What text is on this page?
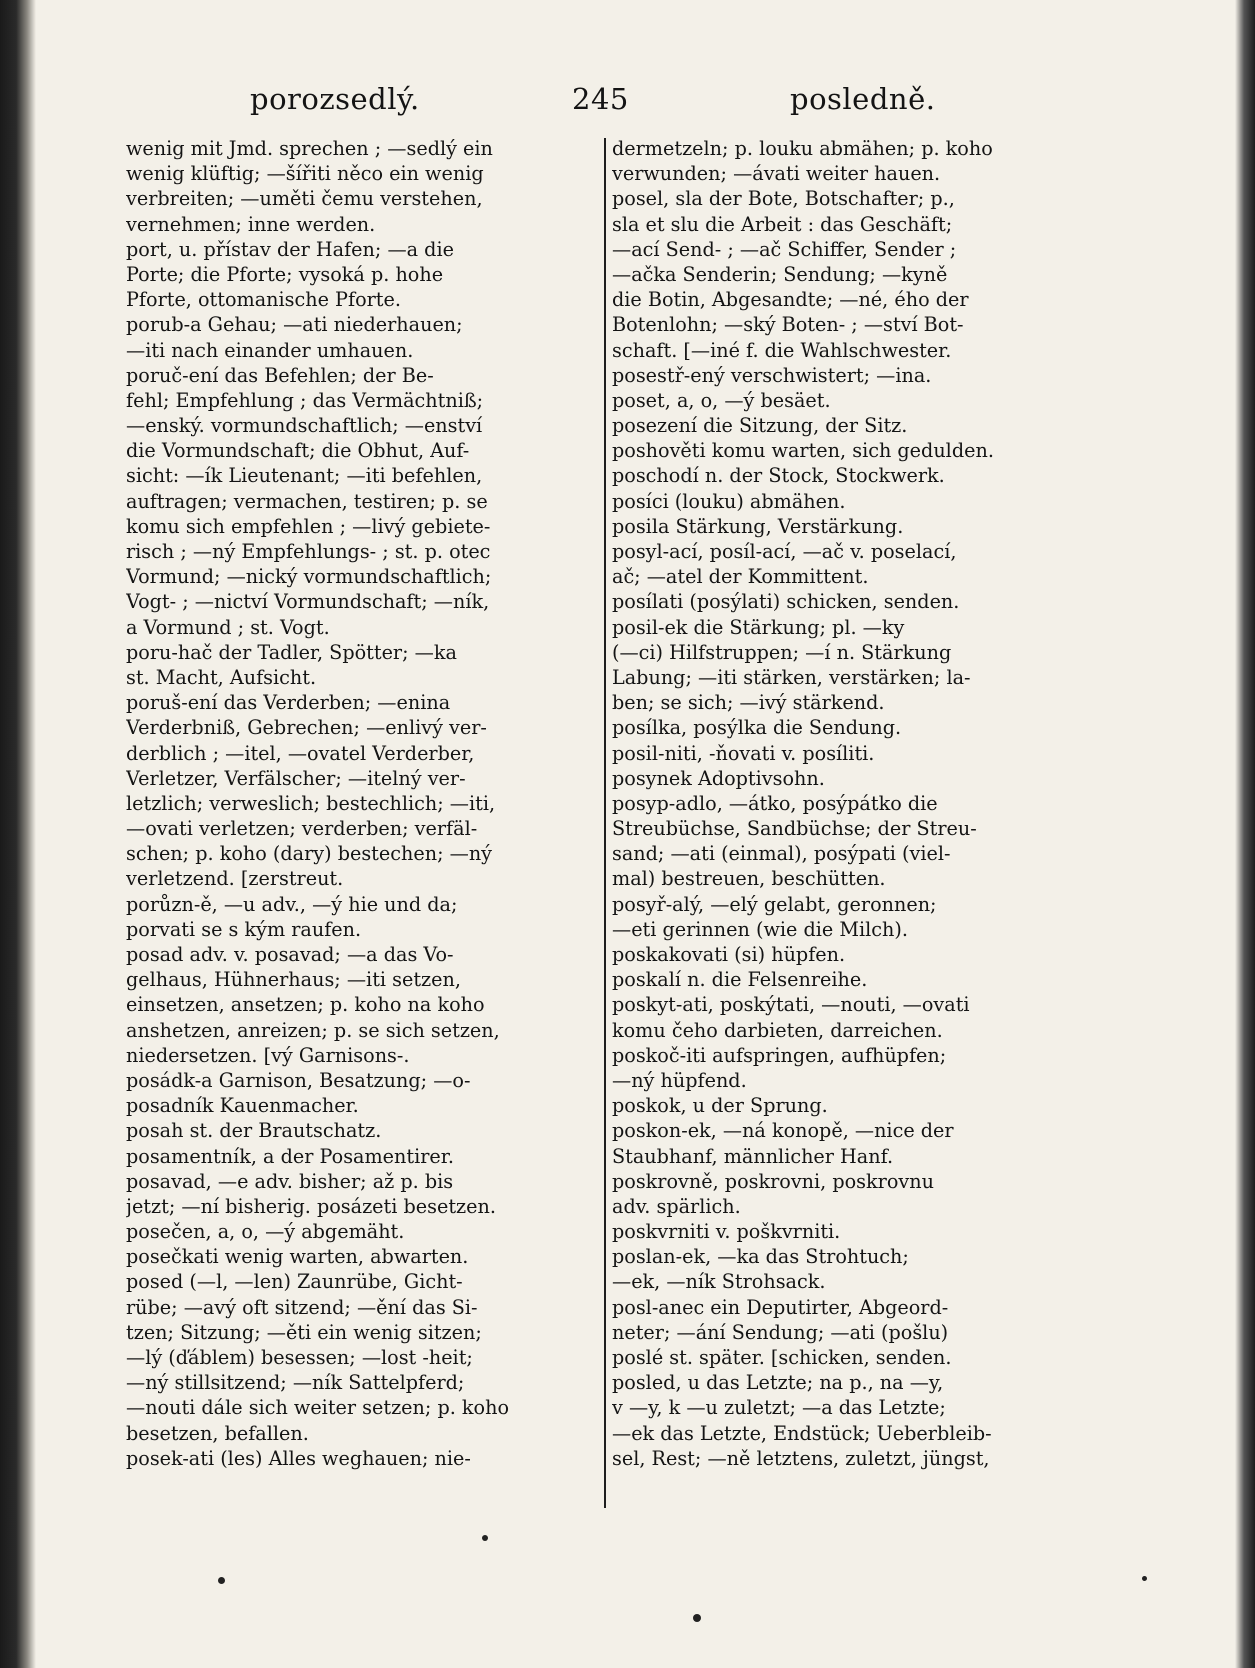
porozsedlý.	245	posledně.
wenig mit Jmd. sprechen ; —sedlý ein
wenig klüftig; —šířiti něco ein wenig
verbreiten; —uměti čemu verstehen,
vernehmen; inne werden.
port, u. přístav der Hafen; —a die
Porte; die Pforte; vysoká p. hohe
Pforte, ottomanische Pforte.
porub-a Gehau; —ati niederhauen;
—iti nach einander umhauen.
poruč-ení das Befehlen; der Be-
fehl; Empfehlung ; das Vermächtniß;
—enský. vormundschaftlich; —enství
die Vormundschaft; die Obhut, Auf-
sicht: —ík Lieutenant; —iti befehlen,
auftragen; vermachen, testiren; p. se
komu sich empfehlen ; —livý gebiete-
risch ; —ný Empfehlungs- ; st. p. otec
Vormund; —nický vormundschaftlich;
Vogt- ; —nictví Vormundschaft; —ník,
a Vormund ; st. Vogt.
poru-hač der Tadler, Spötter; —ka
st. Macht, Aufsicht.
poruš-ení das Verderben; —enina
Verderbniß, Gebrechen; —enlivý ver-
derblich ; —itel, —ovatel Verderber,
Verletzer, Verfälscher; —itelný ver-
letzlich; verweslich; bestechlich; —iti,
—ovati verletzen; verderben; verfäl-
schen; p. koho (dary) bestechen; —ný
verletzend. [zerstreut.
porůzn-ě, —u adv., —ý hie und da;
porvati se s kým raufen.
posad adv. v. posavad; —a das Vo-
gelhaus, Hühnerhaus; —iti setzen,
einsetzen, ansetzen; p. koho na koho
anshetzen, anreizen; p. se sich setzen,
niedersetzen. [vý Garnisons-.
posádk-a Garnison, Besatzung; —o-
posadník Kauenmacher.
posah st. der Brautschatz.
posamentník, a der Posamentirer.
posavad, —e adv. bisher; až p. bis
jetzt; —ní bisherig. posázeti besetzen.
posečen, a, o, —ý abgemäht.
posečkati wenig warten, abwarten.
posed (—l, —len) Zaunrübe, Gicht-
rübe; —avý oft sitzend; —ění das Si-
tzen; Sitzung; —ěti ein wenig sitzen;
—lý (ďáblem) besessen; —lost -heit;
—ný stillsitzend; —ník Sattelpferd;
—nouti dále sich weiter setzen; p. koho
besetzen, befallen.
posek-ati (les) Alles weghauen; nie-
dermetzeln; p. louku abmähen; p. koho
verwunden; —ávati weiter hauen.
posel, sla der Bote, Botschafter; p.,
sla et slu die Arbeit : das Geschäft;
—ací Send- ; —ač Schiffer, Sender ;
—ačka Senderin; Sendung; —kyně
die Botin, Abgesandte; —né, ého der
Botenlohn; —ský Boten- ; —ství Bot-
schaft. [—iné f. die Wahlschwester.
posestř-ený verschwistert; —ina.
poset, a, o, —ý besäet.
posezení die Sitzung, der Sitz.
poshověti komu warten, sich gedulden.
poschodí n. der Stock, Stockwerk.
posíci (louku) abmähen.
posila Stärkung, Verstärkung.
posyl-ací, posíl-ací, —ač v. poselací,
ač; —atel der Kommittent.
posílati (posýlati) schicken, senden.
posil-ek die Stärkung; pl. —ky
(—ci) Hilfstruppen; —í n. Stärkung
Labung; —iti stärken, verstärken; la-
ben; se sich; —ivý stärkend.
posílka, posýlka die Sendung.
posil-niti, -ňovati v. posíliti.
posynek Adoptivsohn.
posyp-adlo, —átko, posýpátko die
Streubüchse, Sandbüchse; der Streu-
sand; —ati (einmal), posýpati (viel-
mal) bestreuen, beschütten.
posyř-alý, —elý gelabt, geronnen;
—eti gerinnen (wie die Milch).
poskakovati (si) hüpfen.
poskalí n. die Felsenreihe.
poskyt-ati, poskýtati, —nouti, —ovati
komu čeho darbieten, darreichen.
poskoč-iti aufspringen, aufhüpfen;
—ný hüpfend.
poskok, u der Sprung.
poskon-ek, —ná konopě, —nice der
Staubhanf, männlicher Hanf.
poskrovně, poskrovni, poskrovnu
adv. spärlich.
poskvrniti v. poškvrniti.
poslan-ek, —ka das Strohtuch;
—ek, —ník Strohsack.
posl-anec ein Deputirter, Abgeord-
neter; —ání Sendung; —ati (pošlu)
poslé st. später. [schicken, senden.
posled, u das Letzte; na p., na —y,
v —y, k —u zuletzt; —a das Letzte;
—ek das Letzte, Endstück; Ueberbleib-
sel, Rest; —ně letztens, zuletzt, jüngst,
